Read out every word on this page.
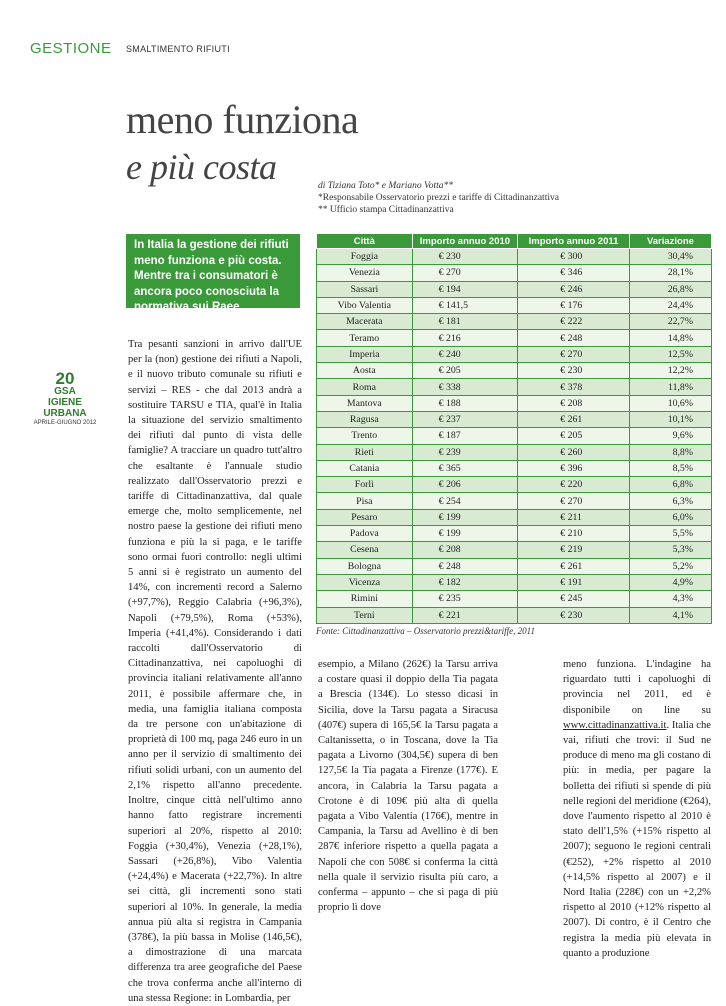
GESTIONE SMALTIMENTO RIFIUTI
meno funziona
e più costa	di Tiziana Toto* e Mariano Votta**
*Responsabile Osservatorio prezzi e tariffe di Cittadinanzattiva
** Ufficio stampa Cittadinanzattiva
In Italia la gestione dei rifiuti meno funziona e più costa. Mentre tra i consumatori è ancora poco conosciuta la normativa sui Raee.
20
GSA
IGIENE URBANA
APRILE-GIUGNO 2012
Città	Importo annuo 2010	Importo annuo 2011	Variazione
Foggia	€ 230	€ 300	30,4%
Venezia	€ 270	€ 346	28,1%
Sassari	€ 194	€ 246	26,8%
Vibo Valentia	€ 141,5	€ 176	24,4%
Macerata	€ 181	€ 222	22,7%
Teramo	€ 216	€ 248	14,8%
Imperia	€ 240	€ 270	12,5%
Aosta	€ 205	€ 230	12,2%
Roma	€ 338	€ 378	11,8%
Mantova	€ 188	€ 208	10,6%
Ragusa	€ 237	€ 261	10,1%
Trento	€ 187	€ 205	9,6%
Rieti	€ 239	€ 260	8,8%
Catania	€ 365	€ 396	8,5%
Forlì	€ 206	€ 220	6,8%
Pisa	€ 254	€ 270	6,3%
Pesaro	€ 199	€ 211	6,0%
Padova	€ 199	€ 210	5,5%
Cesena	€ 208	€ 219	5,3%
Bologna	€ 248	€ 261	5,2%
Vicenza	€ 182	€ 191	4,9%
Rimini	€ 235	€ 245	4,3%
Terni	€ 221	€ 230	4,1%
Fonte: Cittadinanzattiva – Osservatorio prezzi&tariffe, 2011

Tra pesanti sanzioni in arrivo dall'UE per la (non) gestione dei rifiuti a Napoli, e il nuovo tributo comunale su rifiuti e servizi – RES - che dal 2013 andrà a sostituire TARSU e TIA, qual'è in Italia la situazione del servizio smaltimento dei rifiuti dal punto di vista delle famiglie? A tracciare un quadro tutt'altro che esaltante è l'annuale studio realizzato dall'Osservatorio prezzi e tariffe di Cittadinanzattiva, dal quale emerge che, molto semplicemente, nel nostro paese la gestione dei rifiuti meno funziona e più la si paga, e le tariffe sono ormai fuori controllo: negli ultimi 5 anni si è registrato un aumento del 14%, con incrementi record a Salerno (+97,7%), Reggio Calabria (+96,3%), Napoli (+79,5%), Roma (+53%), Imperia (+41,4%). Considerando i dati raccolti dall'Osservatorio di Cittadinanzattiva, nei capoluoghi di provincia italiani relativamente all'anno 2011, è possibile affermare che, in media, una famiglia italiana composta da tre persone con un'abitazione di proprietà di 100 mq, paga 246 euro in un anno per il servizio di smaltimento dei rifiuti solidi urbani, con un aumento del 2,1% rispetto all'anno precedente. Inoltre, cinque città nell'ultimo anno hanno fatto registrare incrementi superiori al 20%, rispetto al 2010: Foggia (+30,4%), Venezia (+28,1%), Sassari (+26,8%), Vibo Valentia (+24,4%) e Macerata (+22,7%). In altre sei città, gli incrementi sono stati superiori al 10%. In generale, la media annua più alta si registra in Campania (378€), la più bassa in Molise (146,5€), a dimostrazione di una marcata differenza tra aree geografiche del Paese che trova conferma anche all'interno di una stessa Regione: in Lombardia, per

esempio, a Milano (262€) la Tarsu arriva a costare quasi il doppio della Tia pagata a Brescia (134€). Lo stesso dicasi in Sicilia, dove la Tarsu pagata a Siracusa (407€) supera di 165,5€ la Tarsu pagata a Caltanissetta, o in Toscana, dove la Tia pagata a Livorno (304,5€) supera di ben 127,5€ la Tia pagata a Firenze (177€). E ancora, in Calabria la Tarsu pagata a Crotone è di 109€ più alta di quella pagata a Vibo Valentia (176€), mentre in Campania, la Tarsu ad Avellino è di ben 287€ inferiore rispetto a quella pagata a Napoli che con 508€ si conferma la città nella quale il servizio risulta più caro, a conferma – appunto – che si paga di più proprio lì dove

meno funziona. L'indagine ha riguardato tutti i capoluoghi di provincia nel 2011, ed è disponibile on line su www.cittadinanzattiva.it. Italia che vai, rifiuti che trovi: il Sud ne produce di meno ma gli costano di più: in media, per pagare la bolletta dei rifiuti si spende di più nelle regioni del meridione (€264), dove l'aumento rispetto al 2010 è stato dell'1,5% (+15% rispetto al 2007); seguono le regioni centrali (€252), +2% rispetto al 2010 (+14,5% rispetto al 2007) e il Nord Italia (228€) con un +2,2% rispetto al 2010 (+12% rispetto al 2007). Di contro, è il Centro che registra la media più elevata in quanto a produzione
